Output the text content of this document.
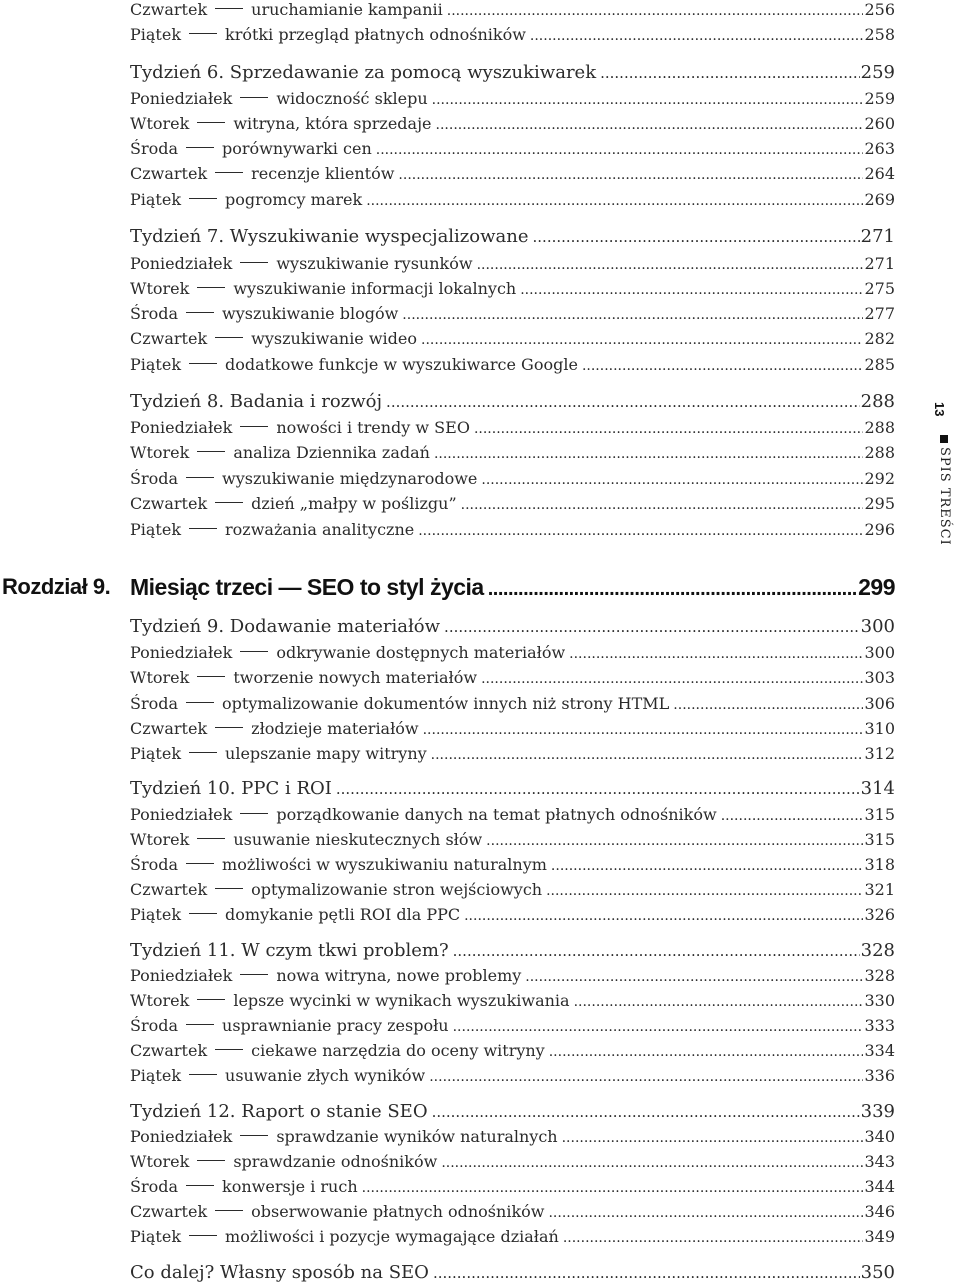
Czwartek	uruchamianie kampanii .....	256
Piątek	krótki przegląd płatnych odnośników .....	258
Tydzień 6. Sprzedawanie za pomocą wyszukiwarek .....	259
Poniedziałek	widoczność sklepu .....	259
Wtorek	witryna, która sprzedaje .....	260
Środa	porównywarki cen .....	263
Czwartek	recenzje klientów .....	264
Piątek	pogromcy marek .....	269
Tydzień 7. Wyszukiwanie wyspecjalizowane .....	271
Poniedziałek	wyszukiwanie rysunków .....	271
Wtorek	wyszukiwanie informacji lokalnych .....	275
Środa	wyszukiwanie blogów .....	277
Czwartek	wyszukiwanie wideo .....	282
Piątek	dodatkowe funkcje w wyszukiwarce Google .....	285
Tydzień 8. Badania i rozwój .....	288
Poniedziałek	nowości i trendy w SEO .....	288
Wtorek	analiza Dziennika zadań .....	288
Środa	wyszukiwanie międzynarodowe .....	292
Czwartek	dzień „małpy w poślizgu” .....	295
Piątek	rozważania analityczne .....	296
Tydzień 9. Dodawanie materiałów .....	300
Poniedziałek	odkrywanie dostępnych materiałów .....	300
Wtorek	tworzenie nowych materiałów .....	303
Środa	optymalizowanie dokumentów innych niż strony HTML .....	306
Czwartek	złodzieje materiałów .....	310
Piątek	ulepszanie mapy witryny .....	312
Tydzień 10. PPC i ROI .....	314
Poniedziałek	porządkowanie danych na temat płatnych odnośników .....	315
Wtorek	usuwanie nieskutecznych słów .....	315
Środa	możliwości w wyszukiwaniu naturalnym .....	318
Czwartek	optymalizowanie stron wejściowych .....	321
Piątek	domykanie pętli ROI dla PPC .....	326
Tydzień 11. W czym tkwi problem? .....	328
Poniedziałek	nowa witryna, nowe problemy .....	328
Wtorek	lepsze wycinki w wynikach wyszukiwania .....	330
Środa	usprawnianie pracy zespołu .....	333
Czwartek	ciekawe narzędzia do oceny witryny .....	334
Piątek	usuwanie złych wyników .....	336
Tydzień 12. Raport o stanie SEO .....	339
Poniedziałek	sprawdzanie wyników naturalnych .....	340
Wtorek	sprawdzanie odnośników .....	343
Środa	konwersje i ruch .....	344
Czwartek	obserwowanie płatnych odnośników .....	346
Piątek	możliwości i pozycje wymagające działań .....	349
Co dalej? Własny sposób na SEO .....	350
Rozdział 9. Miesiąc trzeci — SEO to styl życia .....	299
13
SPIS TREŚCI
